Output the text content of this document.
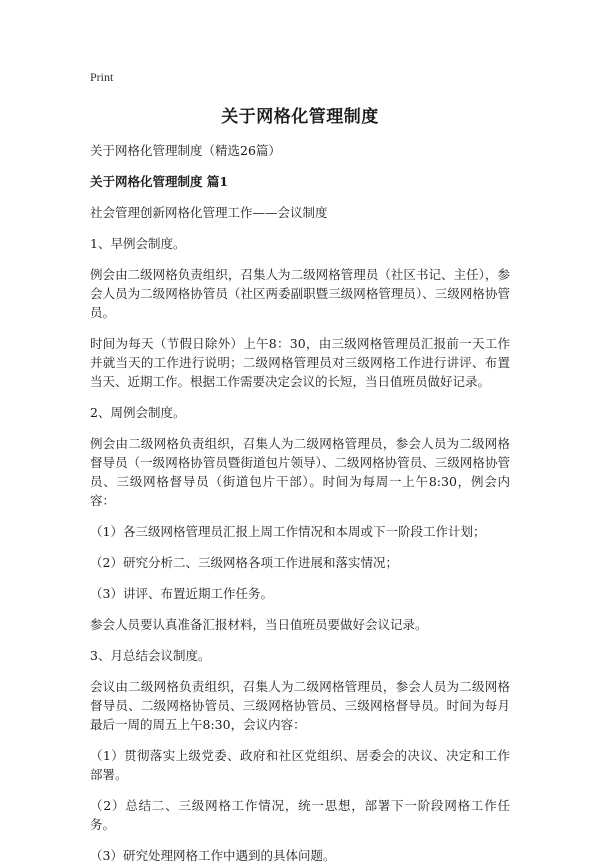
Print
关于网格化管理制度

关于网格化管理制度（精选26篇）

关于网格化管理制度 篇1

社会管理创新网格化管理工作——会议制度

1、早例会制度。

例会由二级网格负责组织，召集人为二级网格管理员（社区书记、主任），参会人员为二级网格协管员（社区两委副职暨三级网格管理员）、三级网格协管员。

时间为每天（节假日除外）上午8：30，由三级网格管理员汇报前一天工作并就当天的工作进行说明；二级网格管理员对三级网格工作进行讲评、布置当天、近期工作。根据工作需要决定会议的长短，当日值班员做好记录。

2、周例会制度。

例会由二级网格负责组织，召集人为二级网格管理员，参会人员为二级网格督导员（一级网格协管员暨街道包片领导）、二级网格协管员、三级网格协管员、三级网格督导员（街道包片干部）。时间为每周一上午8:30，例会内容：

（1）各三级网格管理员汇报上周工作情况和本周或下一阶段工作计划；

（2）研究分析二、三级网格各项工作进展和落实情况；

（3）讲评、布置近期工作任务。

参会人员要认真准备汇报材料，当日值班员要做好会议记录。

3、月总结会议制度。

会议由二级网格负责组织，召集人为二级网格管理员，参会人员为二级网格督导员、二级网格协管员、三级网格协管员、三级网格督导员。时间为每月最后一周的周五上午8:30，会议内容：

（1）贯彻落实上级党委、政府和社区党组织、居委会的决议、决定和工作部署。

（2）总结二、三级网格工作情况，统一思想，部署下一阶段网格工作任务。

（3）研究处理网格工作中遇到的具体问题。
